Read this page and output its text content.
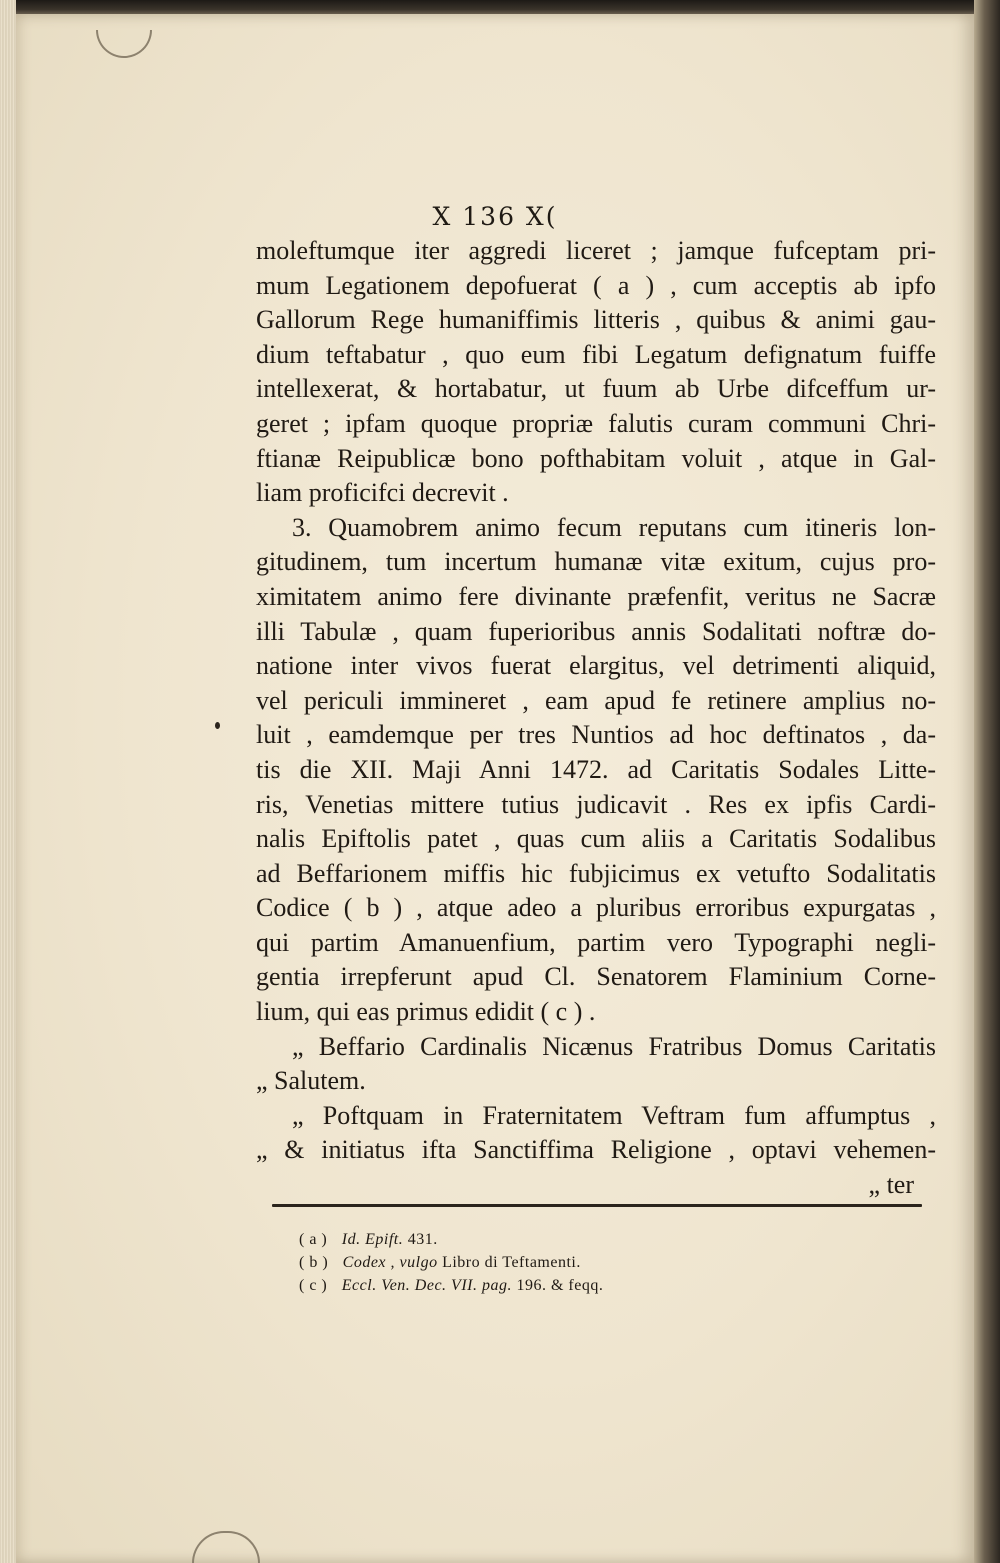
X 136 X(
moleftumque iter aggredi liceret ; jamque fufceptam pri-
mum Legationem depofuerat ( a ) , cum acceptis ab ipfo
Gallorum Rege humaniffimis litteris , quibus & animi gau-
dium teftabatur , quo eum fibi Legatum defignatum fuiffe
intellexerat, & hortabatur, ut fuum ab Urbe difceffum ur-
geret ; ipfam quoque propriæ falutis curam communi Chri-
ftianæ Reipublicæ bono pofthabitam voluit , atque in Gal-
liam proficifci decrevit .
3. Quamobrem animo fecum reputans cum itineris lon-
gitudinem, tum incertum humanæ vitæ exitum, cujus pro-
ximitatem animo fere divinante præfenfit, veritus ne Sacræ
illi Tabulæ , quam fuperioribus annis Sodalitati noftræ do-
natione inter vivos fuerat elargitus, vel detrimenti aliquid,
vel periculi immineret , eam apud fe retinere amplius no-
luit , eamdemque per tres Nuntios ad hoc deftinatos , da-
tis die XII. Maji Anni 1472. ad Caritatis Sodales Litte-
ris, Venetias mittere tutius judicavit . Res ex ipfis Cardi-
nalis Epiftolis patet , quas cum aliis a Caritatis Sodalibus
ad Beffarionem miffis hic fubjicimus ex vetufto Sodalitatis
Codice ( b ) , atque adeo a pluribus erroribus expurgatas ,
qui partim Amanuenfium, partim vero Typographi negli-
gentia irrepferunt apud Cl. Senatorem Flaminium Corne-
lium, qui eas primus edidit ( c ) .
„ Beffario Cardinalis Nicænus Fratribus Domus Caritatis
„ Salutem.
„ Poftquam in Fraternitatem Veftram fum affumptus ,
„ & initiatus ifta Sanctiffima Religione , optavi vehemen-
„ ter
( a ) Id. Epift. 431.
( b ) Codex , vulgo Libro di Teftamenti.
( c ) Eccl. Ven. Dec. VII. pag. 196. & feqq.
